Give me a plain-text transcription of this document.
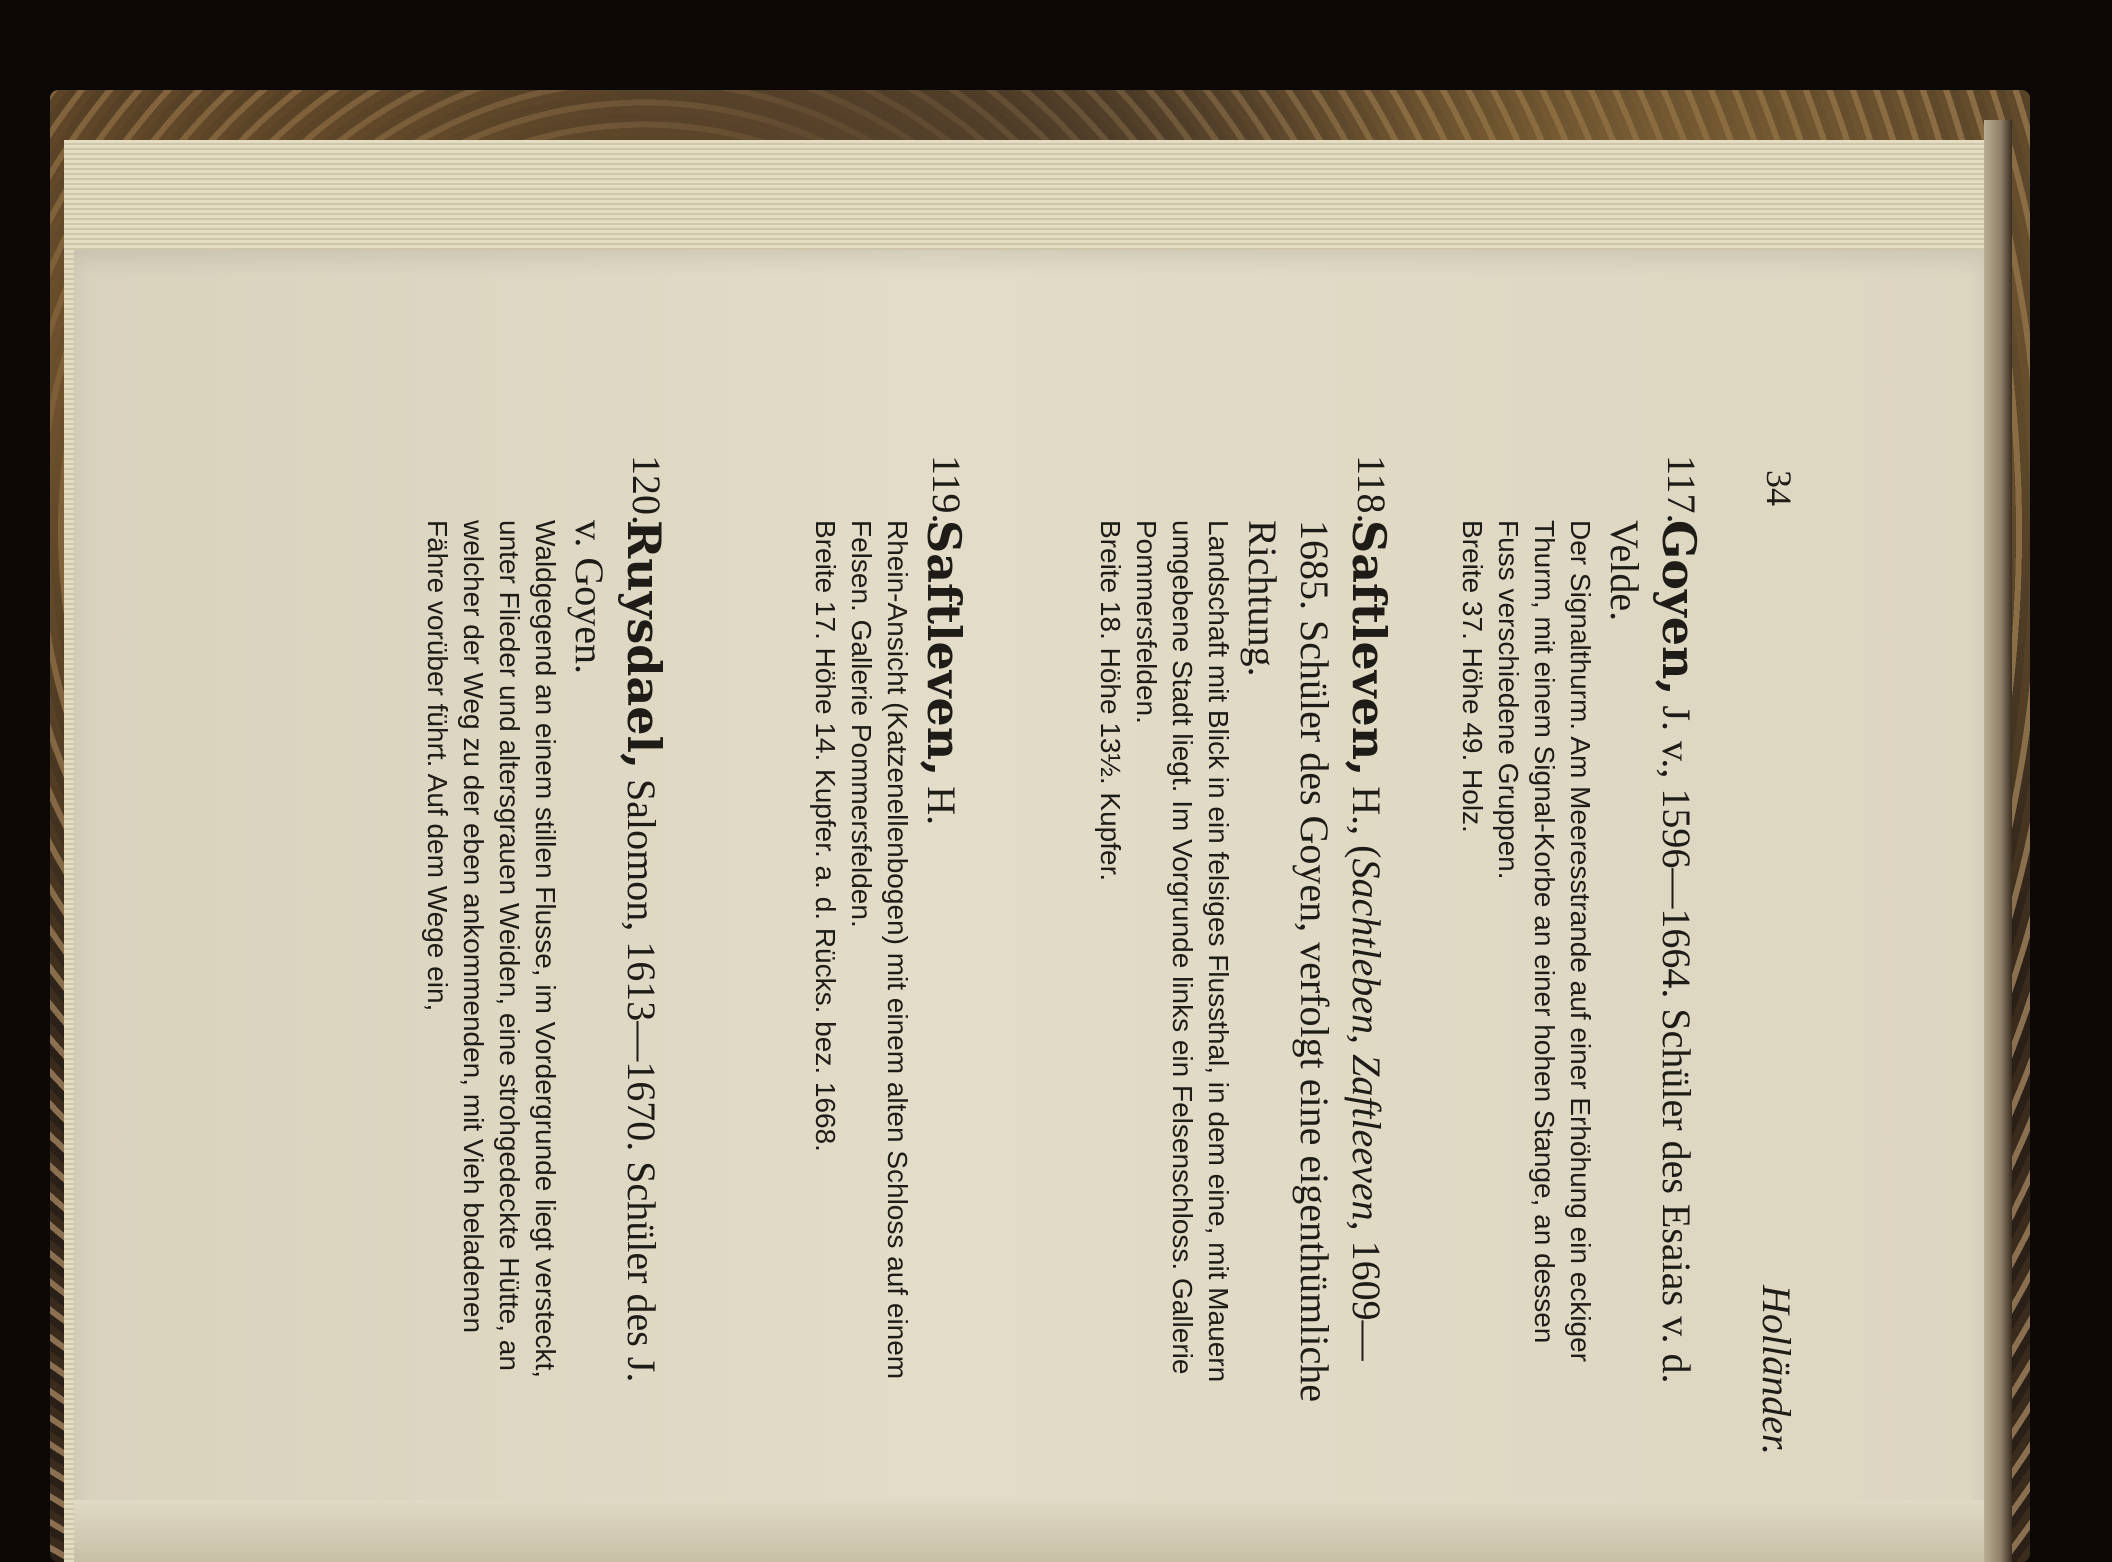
34
Holländer.
117.
Goyen, J. v., 1596—1664. Schüler des Esaias v. d. Velde.
Der Signalthurm. Am Meeresstrande auf einer Erhöhung ein eckiger Thurm, mit einem Signal-Korbe an einer hohen Stange, an dessen Fuss verschiedene Gruppen.
Breite 37. Höhe 49. Holz.
118.
Saftleven, H., (Sachtleben, Zaftleeven, 1609—1685. Schüler des Goyen, verfolgt eine eigenthümliche Richtung.
Landschaft mit Blick in ein felsiges Flussthal, in dem eine, mit Mauern umgebene Stadt liegt. Im Vorgrunde links ein Felsenschloss. Gallerie Pommersfelden.
Breite 18. Höhe 13½. Kupfer.
119.
Saftleven, H.
Rhein-Ansicht (Katzenellenbogen) mit einem alten Schloss auf einem Felsen. Gallerie Pommersfelden.
Breite 17. Höhe 14. Kupfer. a. d. Rücks. bez. 1668.
120.
Ruysdael, Salomon, 1613—1670. Schüler des J. v. Goyen.
Waldgegend an einem stillen Flusse, im Vordergrunde liegt versteckt, unter Flieder und altersgrauen Weiden, eine strohgedeckte Hütte, an welcher der Weg zu der eben ankommenden, mit Vieh beladenen Fähre vorüber führt. Auf dem Wege ein,
